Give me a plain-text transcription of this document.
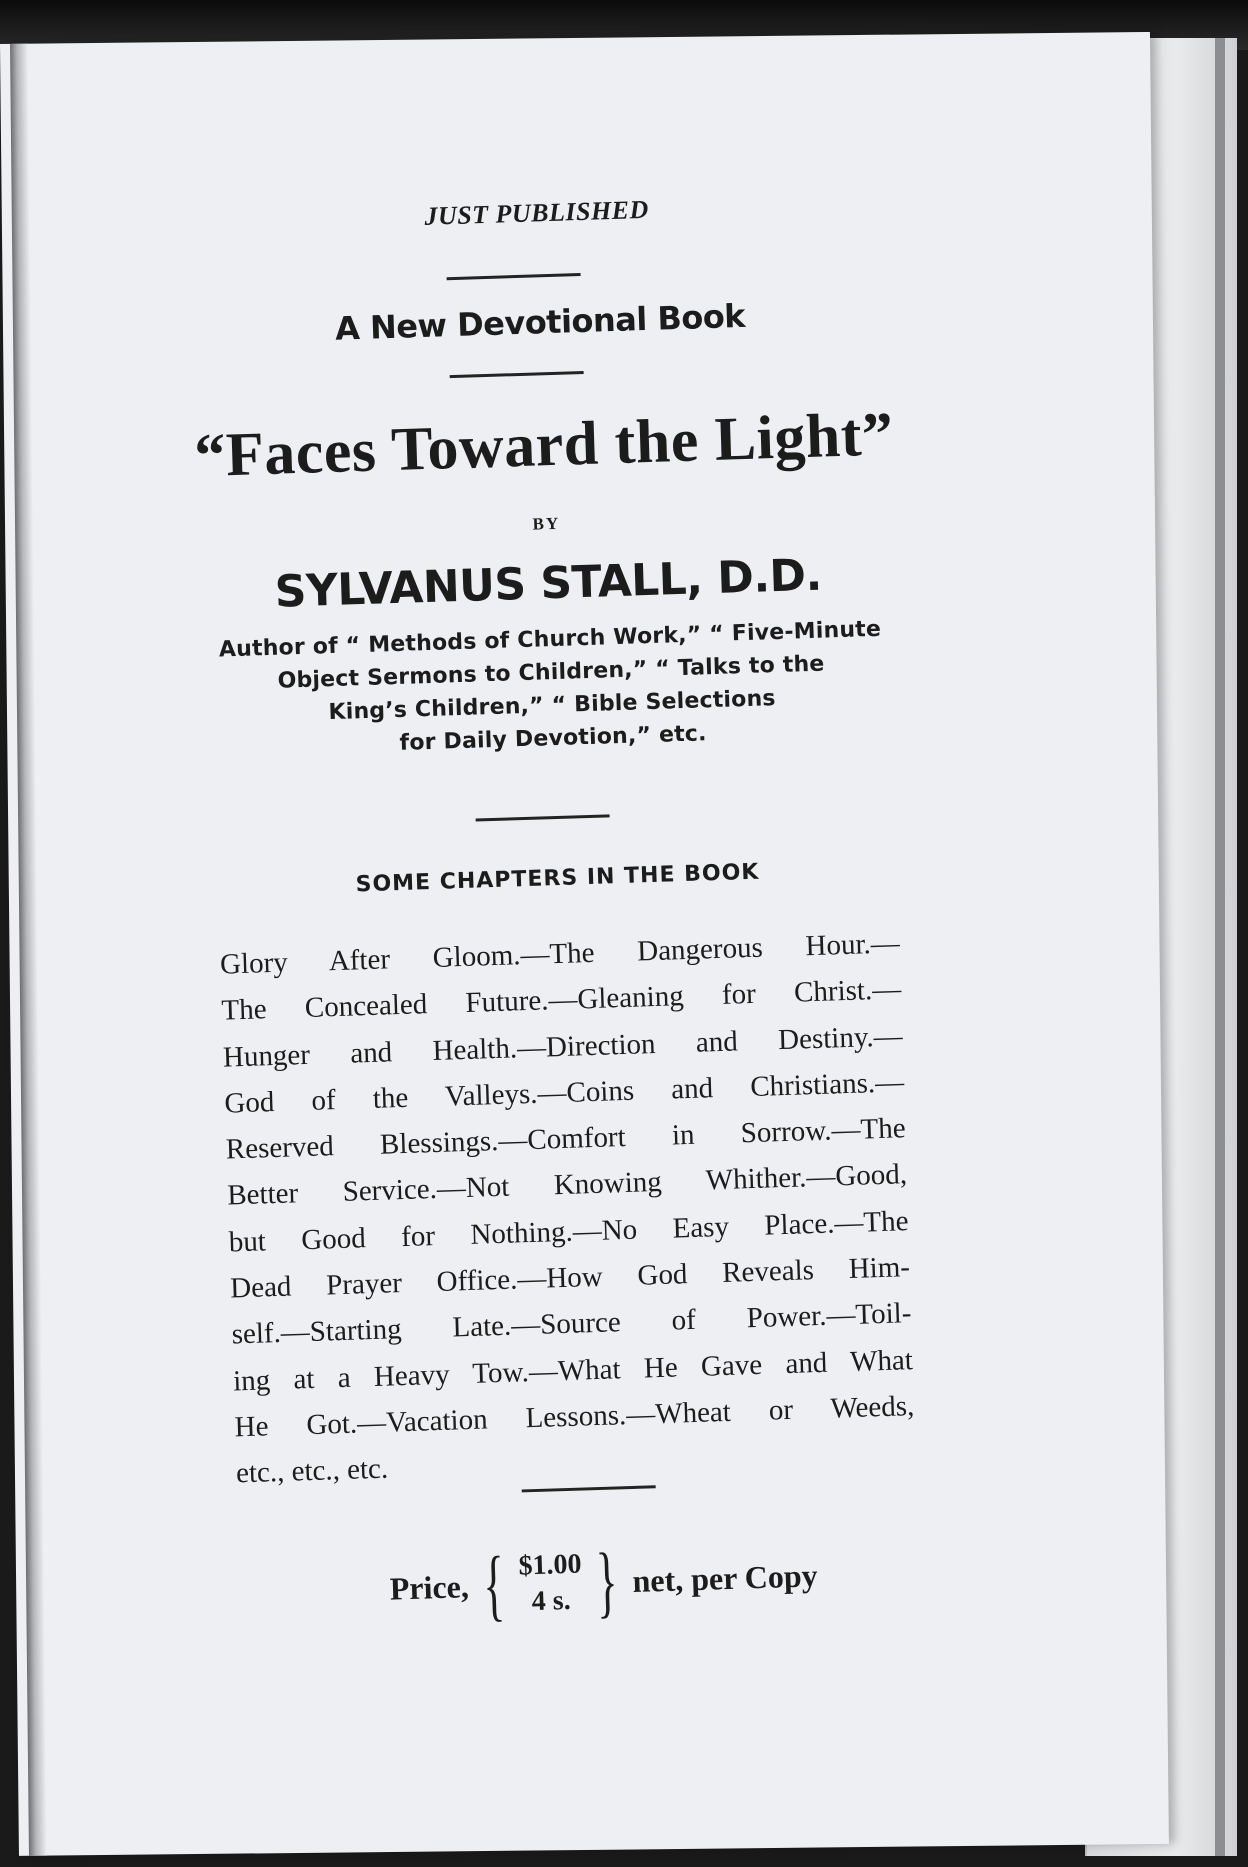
JUST PUBLISHED
A New Devotional Book
“Faces Toward the Light”
BY
SYLVANUS STALL, D.D.
Author of “ Methods of Church Work,” “ Five-Minute
Object Sermons to Children,” “ Talks to the
King’s Children,” “ Bible Selections
for Daily Devotion,” etc.
SOME CHAPTERS IN THE BOOK
Glory After Gloom.—The Dangerous Hour.—
The Concealed Future.—Gleaning for Christ.—
Hunger and Health.—Direction and Destiny.—
God of the Valleys.—Coins and Christians.—
Reserved Blessings.—Comfort in Sorrow.—The
Better Service.—Not Knowing Whither.—Good,
but Good for Nothing.—No Easy Place.—The
Dead Prayer Office.—How God Reveals Him-
self.—Starting Late.—Source of Power.—Toil-
ing at a Heavy Tow.—What He Gave and What
He Got.—Vacation Lessons.—Wheat or Weeds,
etc., etc., etc.
Price, { $1.00
4 s. } net, per Copy
